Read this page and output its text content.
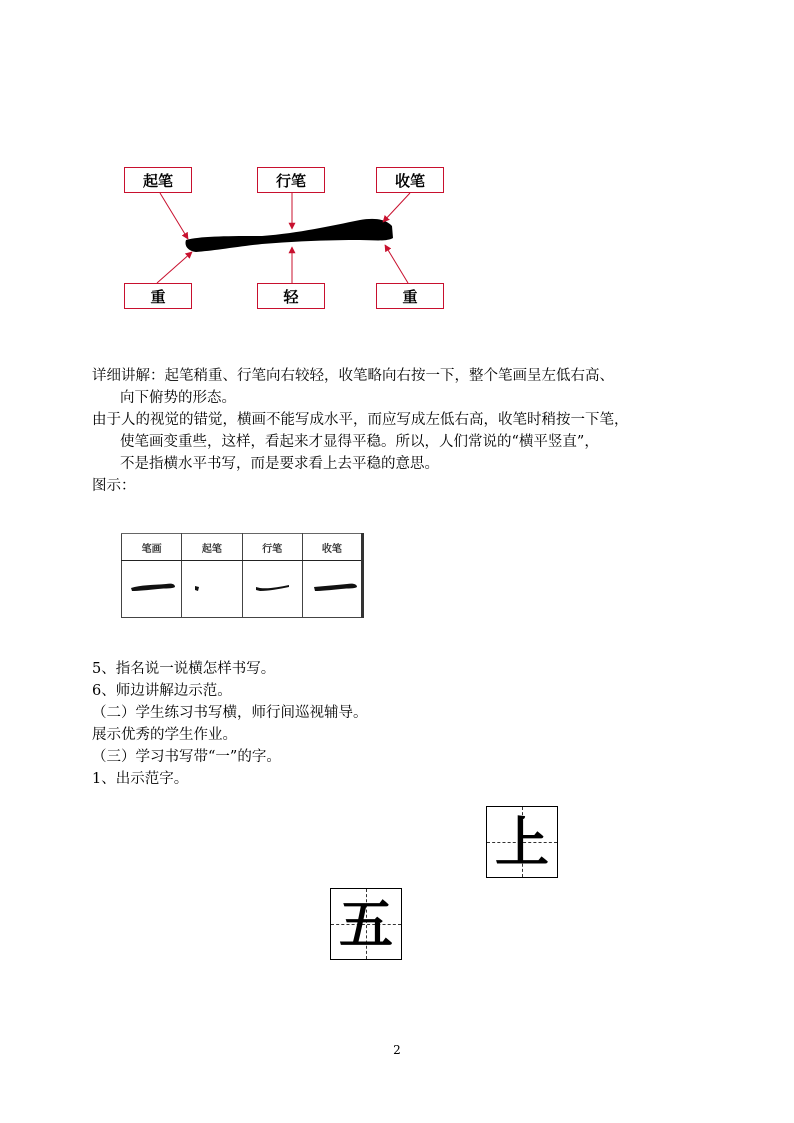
起笔	行笔	收笔
重	轻	重
详细讲解：起笔稍重、行笔向右较轻，收笔略向右按一下，整个笔画呈左低右高、
向下俯势的形态。
由于人的视觉的错觉，横画不能写成水平，而应写成左低右高，收笔时稍按一下笔，
使笔画变重些，这样，看起来才显得平稳。所以，人们常说的“横平竖直”，
不是指横水平书写，而是要求看上去平稳的意思。
图示：
笔画	起笔	行笔	收笔

5、指名说一说横怎样书写。
6、师边讲解边示范。
（二）学生练习书写横，师行间巡视辅导。
展示优秀的学生作业。
（三）学习书写带“一”的字。
1、出示范字。
上
五
2
